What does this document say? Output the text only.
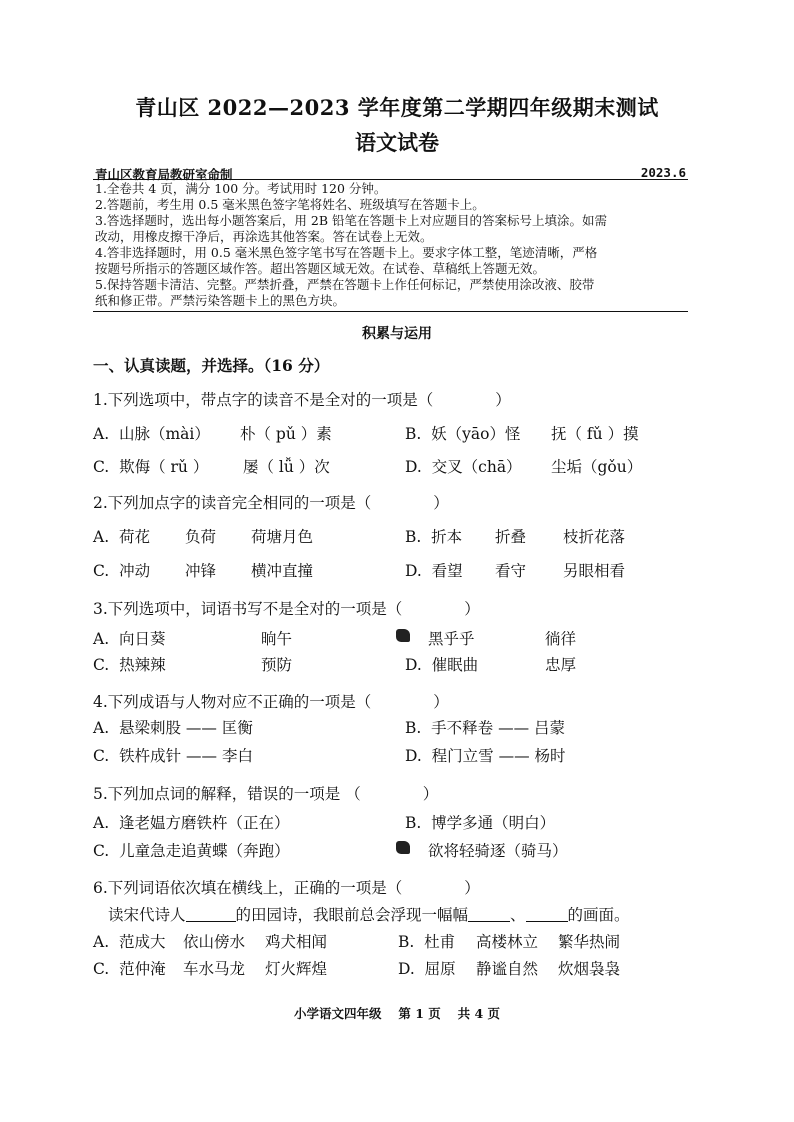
青山区 2022—2023 学年度第二学期四年级期末测试
语文试卷
青山区教育局教研室命制	2023.6

1.全卷共 4 页，满分 100 分。考试用时 120 分钟。

2.答题前，考生用 0.5 毫米黑色签字笔将姓名、班级填写在答题卡上。

3.答选择题时，选出每小题答案后，用 2B 铅笔在答题卡上对应题目的答案标号上填涂。如需

改动，用橡皮擦干净后，再涂选其他答案。答在试卷上无效。

4.答非选择题时，用 0.5 毫米黑色签字笔书写在答题卡上。要求字体工整，笔迹清晰，严格

按题号所指示的答题区域作答。超出答题区域无效。在试卷、草稿纸上答题无效。

5.保持答题卡清洁、完整。严禁折叠，严禁在答题卡上作任何标记，严禁使用涂改液、胶带

纸和修正带。严禁污染答题卡上的黑色方块。

积累与运用
一、认真读题，并选择。（16 分）
1.下列选项中，带点字的读音不是全对的一项是（　　　　）
A.  山脉（mài） 朴（ pǔ ）素	B.  妖（yāo）怪 抚（ fǔ ）摸
C.  欺侮（ rǔ ） 屡（ lǚ ）次	D.  交叉（chā） 尘垢（gǒu）
2.下列加点字的读音完全相同的一项是（　　　　）
A.  荷花 负荷 荷塘月色	B.  折本 折叠 枝折花落
C.  冲动 冲锋 横冲直撞	D.  看望 看守 另眼相看
3.下列选项中，词语书写不是全对的一项是（　　　　）
A.  向日葵	晌午	黑乎乎	徜徉
C.  热辣辣	预防	D.  催眠曲	忠厚
4.下列成语与人物对应不正确的一项是（　　　　）
A.  悬梁刺股 —— 匡衡	B.  手不释卷 —— 吕蒙
C.  铁杵成针 —— 李白	D.  程门立雪 —— 杨时
5.下列加点词的解释，错误的一项是 （　　　　）
A.  逢老媪方磨铁杵（正在）	B.  博学多通（明白）
C.  儿童急走追黄蝶（奔跑）	欲将轻骑逐（骑马）
6.下列词语依次填在横线上，正确的一项是（　　　　）
读宋代诗人	的田园诗，我眼前总会浮现一幅幅	、	的画面。
A.  范成大 依山傍水 鸡犬相闻	B.  杜甫 高楼林立 繁华热闹
C.  范仲淹 车水马龙 灯火辉煌	D.  屈原 静谧自然 炊烟袅袅
小学语文四年级　 第 1 页　 共 4 页
